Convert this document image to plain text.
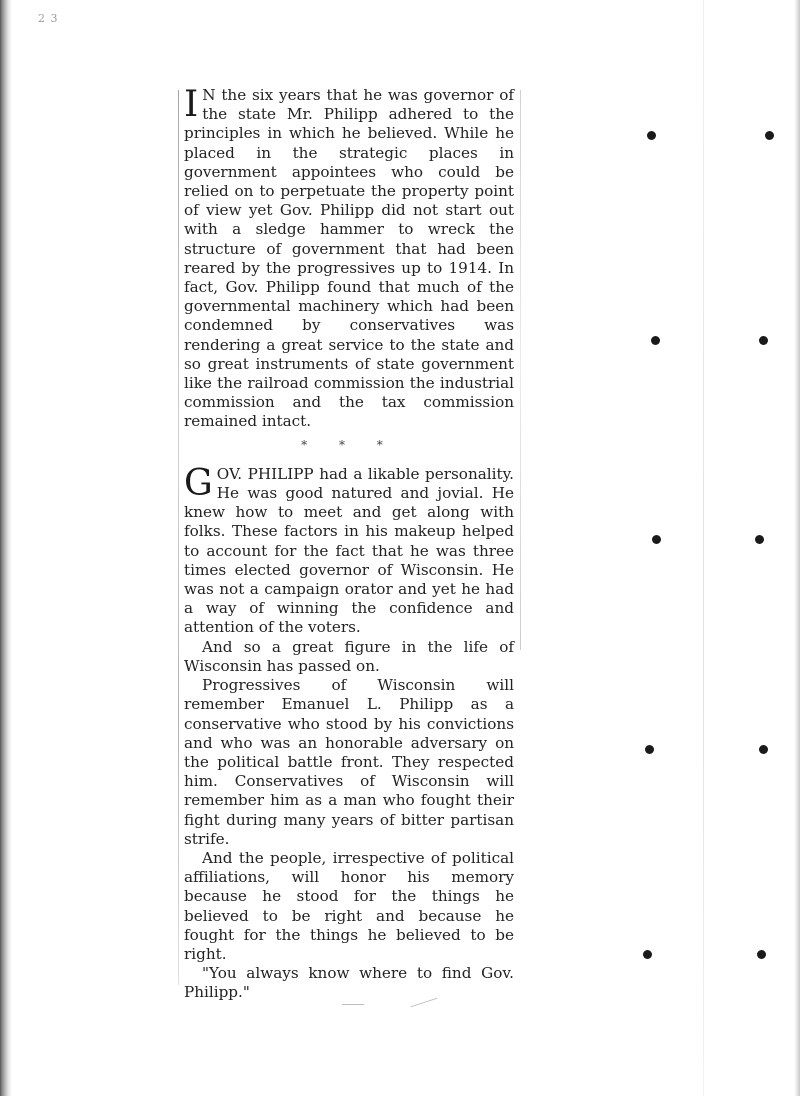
2 3

I N the six years that he was governor of the state Mr. Philipp adhered to the principles in which he believed. While he placed in the strategic places in government appointees who could be relied on to perpetuate the property point of view yet Gov. Philipp did not start out with a sledge hammer to wreck the structure of government that had been reared by the progressives up to 1914. In fact, Gov. Philipp found that much of the governmental machinery which had been condemned by conservatives was rendering a great service to the state and so great instruments of state government like the railroad commission the industrial commission and the tax commission remained intact.

* * *

GOV. PHILIPP had a likable personality. He was good natured and jovial. He knew how to meet and get along with folks. These factors in his makeup helped to account for the fact that he was three times elected governor of Wisconsin. He was not a campaign orator and yet he had a way of winning the confidence and attention of the voters.

And so a great figure in the life of Wisconsin has passed on.

Progressives of Wisconsin will remember Emanuel L. Philipp as a conservative who stood by his convictions and who was an honorable adversary on the political battle front. They respected him. Conservatives of Wisconsin will remember him as a man who fought their fight during many years of bitter partisan strife.

And the people, irrespective of political affiliations, will honor his memory because he stood for the things he believed to be right and because he fought for the things he believed to be right.

"You always know where to find Gov. Philipp."
